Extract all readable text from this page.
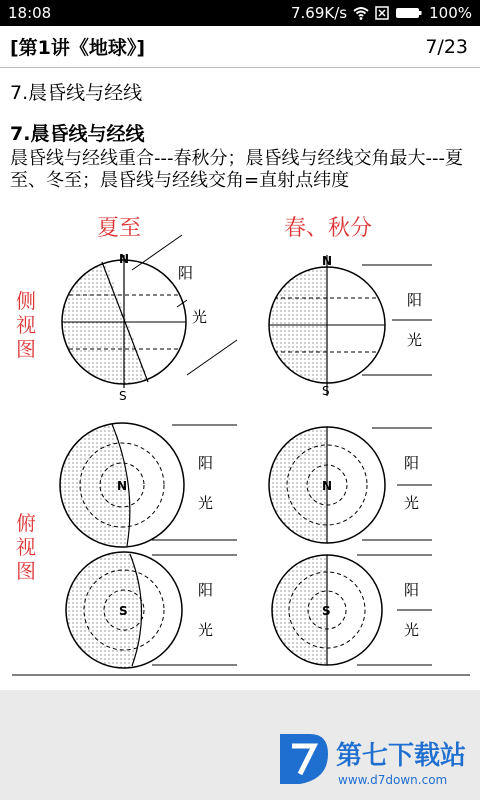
18:08	7.69K/s	100%
[第1讲《地球》]	7/23
7.晨昏线与经线
7.晨昏线与经线
晨昏线与经线重合---春秋分；晨昏线与经线交角最大---夏至、冬至；晨昏线与经线交角=直射点纬度
夏至	春、秋分
侧
视
图
俯
视
图
N
S
阳
光
N
S
阳
光
N
阳
光
N
阳
光
S
阳
光
S
阳
光
第七下载站
www.d7down.com
